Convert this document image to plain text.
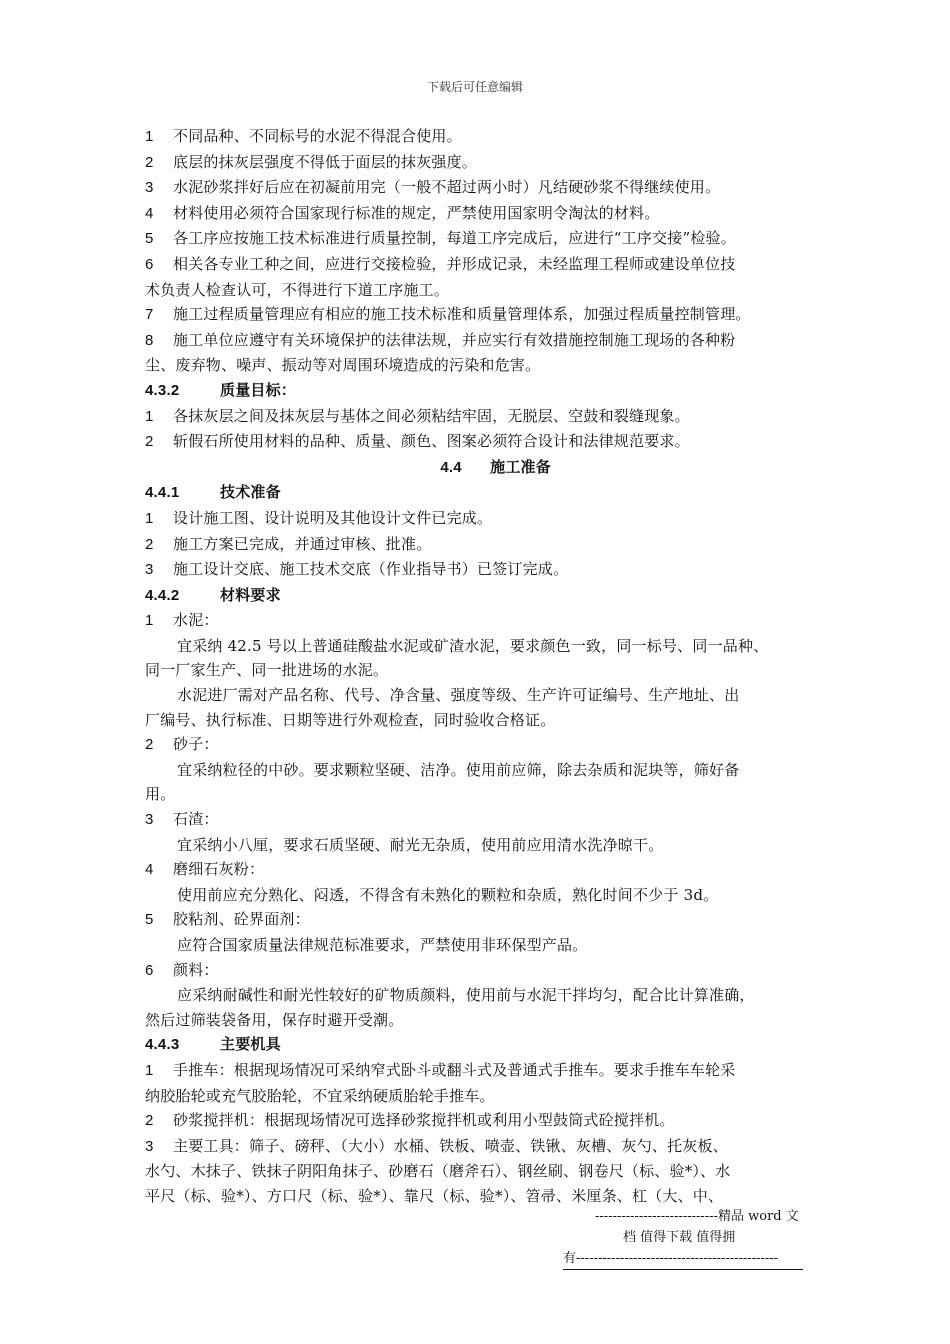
下载后可任意编辑
1 不同品种、不同标号的水泥不得混合使用。
2 底层的抹灰层强度不得低于面层的抹灰强度。
3 水泥砂浆拌好后应在初凝前用完（一般不超过两小时）凡结硬砂浆不得继续使用。
4 材料使用必须符合国家现行标准的规定，严禁使用国家明令淘汰的材料。
5 各工序应按施工技术标准进行质量控制，每道工序完成后，应进行“工序交接”检验。
6 相关各专业工种之间，应进行交接检验，并形成记录，未经监理工程师或建设单位技
术负责人检查认可，不得进行下道工序施工。
7 施工过程质量管理应有相应的施工技术标准和质量管理体系，加强过程质量控制管理。
8 施工单位应遵守有关环境保护的法律法规，并应实行有效措施控制施工现场的各种粉
尘、废弃物、噪声、振动等对周围环境造成的污染和危害。
4.3.2	质量目标：
1 各抹灰层之间及抹灰层与基体之间必须粘结牢固，无脱层、空鼓和裂缝现象。
2 斩假石所使用材料的品种、质量、颜色、图案必须符合设计和法律规范要求。
4.4 施工准备
4.4.1	技术准备
1 设计施工图、设计说明及其他设计文件已完成。
2 施工方案已完成，并通过审核、批准。
3 施工设计交底、施工技术交底（作业指导书）已签订完成。
4.4.2	材料要求
1 水泥：
宜采纳 42.5 号以上普通硅酸盐水泥或矿渣水泥，要求颜色一致，同一标号、同一品种、
同一厂家生产、同一批进场的水泥。
水泥进厂需对产品名称、代号、净含量、强度等级、生产许可证编号、生产地址、出
厂编号、执行标准、日期等进行外观检查，同时验收合格证。
2 砂子：
宜采纳粒径的中砂。要求颗粒坚硬、洁净。使用前应筛，除去杂质和泥块等，筛好备
用。
3 石渣：
宜采纳小八厘，要求石质坚硬、耐光无杂质，使用前应用清水洗净晾干。
4 磨细石灰粉：
使用前应充分熟化、闷透，不得含有未熟化的颗粒和杂质，熟化时间不少于 3d。
5 胶粘剂、砼界面剂：
应符合国家质量法律规范标准要求，严禁使用非环保型产品。
6 颜料：
应采纳耐碱性和耐光性较好的矿物质颜料，使用前与水泥干拌均匀，配合比计算准确，
然后过筛装袋备用，保存时避开受潮。
4.4.3	主要机具
1 手推车：根据现场情况可采纳窄式卧斗或翻斗式及普通式手推车。要求手推车车轮采
纳胶胎轮或充气胶胎轮，不宜采纳硬质胎轮手推车。
2 砂浆搅拌机：根据现场情况可选择砂浆搅拌机或利用小型鼓筒式砼搅拌机。
3 主要工具：筛子、磅秤、（大小）水桶、铁板、喷壶、铁锹、灰槽、灰勺、托灰板、
水勺、木抹子、铁抹子阴阳角抹子、砂磨石（磨斧石）、钢丝刷、钢卷尺（标、验*）、水
平尺（标、验*）、方口尺（标、验*）、靠尺（标、验*）、笤帚、米厘条、杠（大、中、
----------------------------精品 word 文
档 值得下载 值得拥
有----------------------------------------------
